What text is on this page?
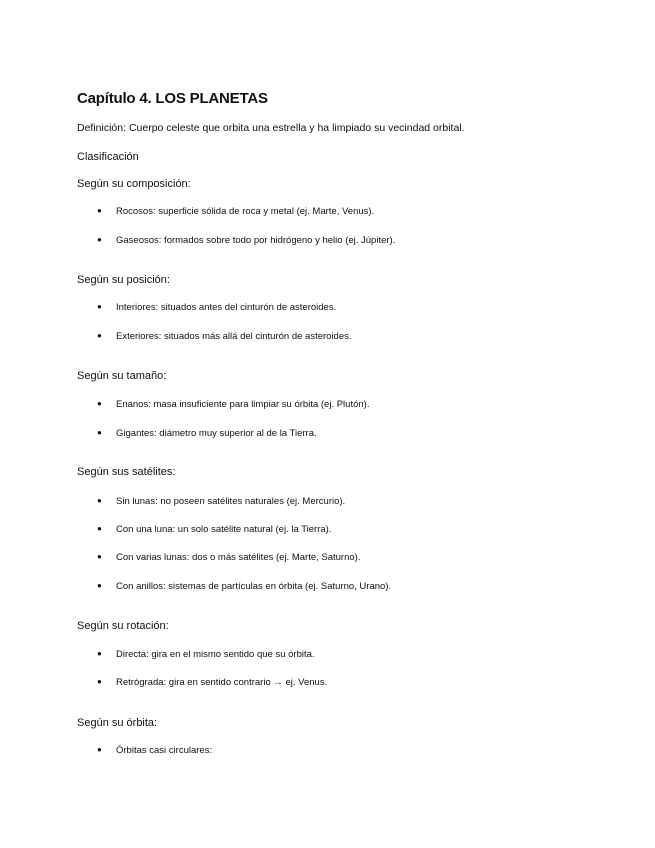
Capítulo 4. LOS PLANETAS
Definición: Cuerpo celeste que orbita una estrella y ha limpiado su vecindad orbital.
Clasificación
Según su composición:
● Rocosos: superficie sólida de roca y metal (ej. Marte, Venus).
● Gaseosos: formados sobre todo por hidrógeno y helio (ej. Júpiter).
Según su posición:
● Interiores: situados antes del cinturón de asteroides.
● Exteriores: situados más allá del cinturón de asteroides.
Según su tamaño:
● Enanos: masa insuficiente para limpiar su órbita (ej. Plutón).
● Gigantes: diámetro muy superior al de la Tierra.
Según sus satélites:
● Sin lunas: no poseen satélites naturales (ej. Mercurio).
● Con una luna: un solo satélite natural (ej. la Tierra).
● Con varias lunas: dos o más satélites (ej. Marte, Saturno).
● Con anillos: sistemas de partículas en órbita (ej. Saturno, Urano).
Según su rotación:
● Directa: gira en el mismo sentido que su órbita.
● Retrógrada: gira en sentido contrario → ej. Venus.
Según su órbita:
● Órbitas casi circulares:
